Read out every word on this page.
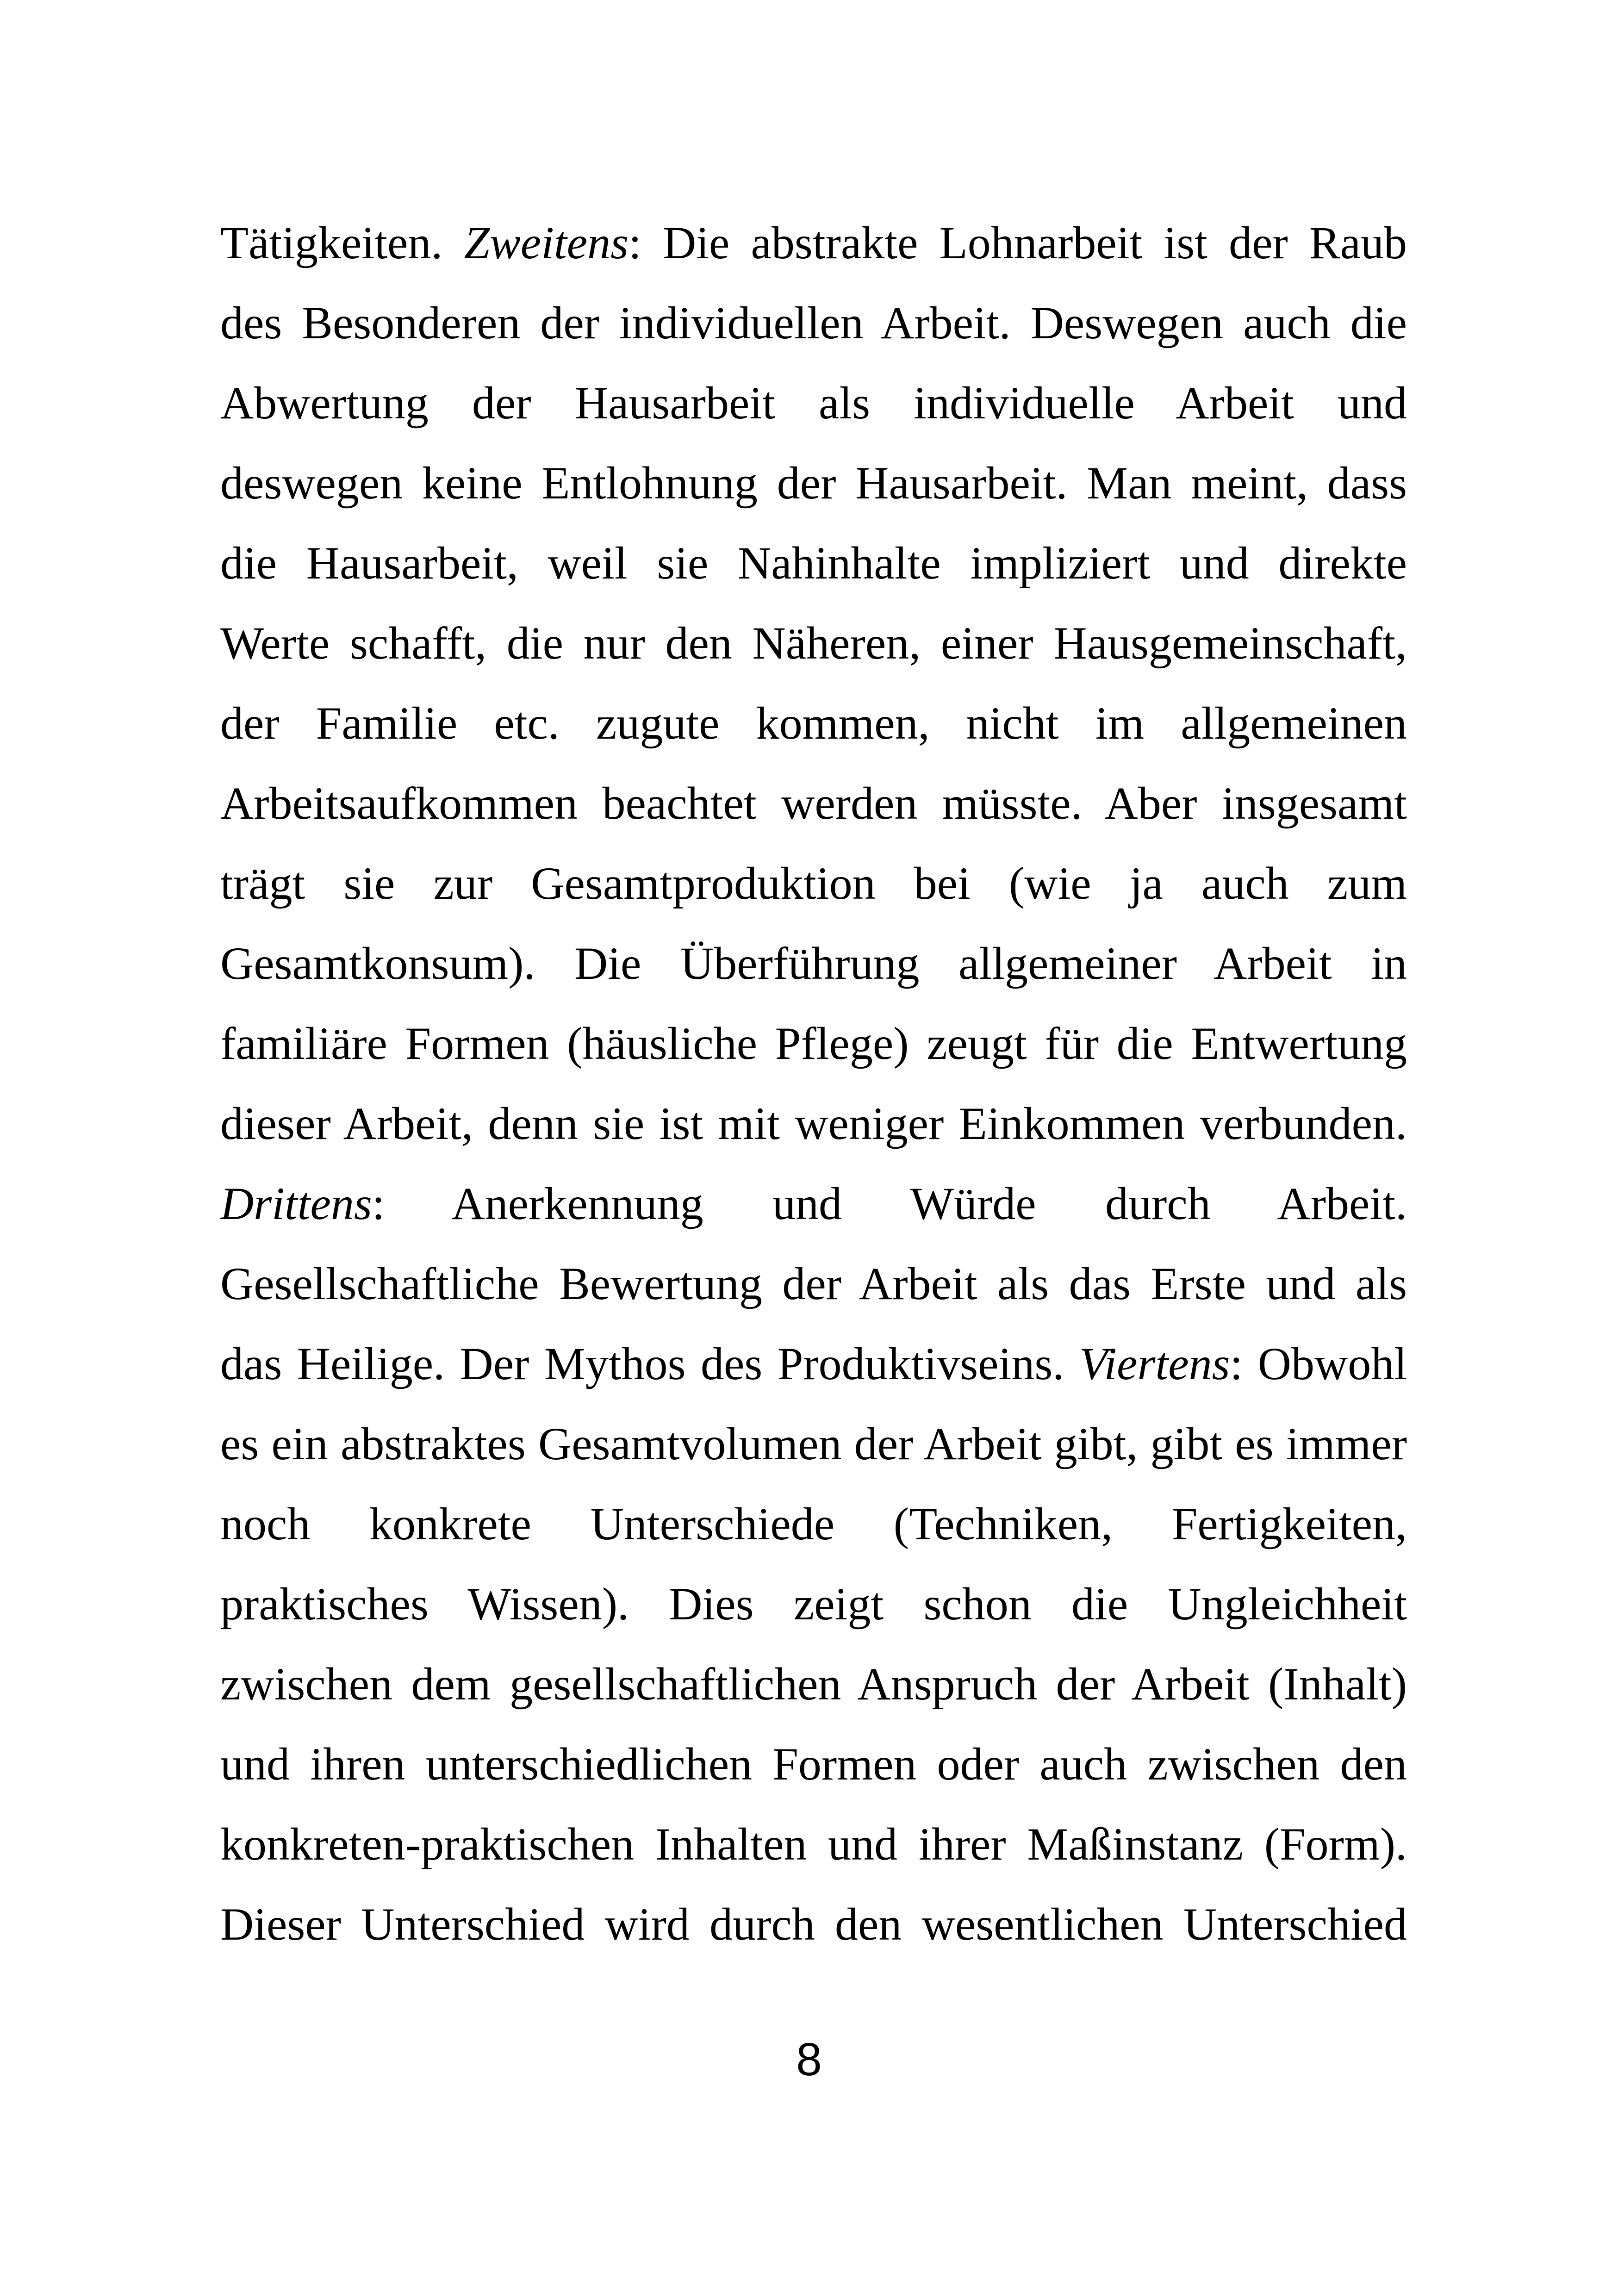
Tätigkeiten. Zweitens: Die abstrakte Lohnarbeit ist der Raub
des Besonderen der individuellen Arbeit. Deswegen auch die
Abwertung der Hausarbeit als individuelle Arbeit und
deswegen keine Entlohnung der Hausarbeit. Man meint, dass
die Hausarbeit, weil sie Nahinhalte impliziert und direkte
Werte schafft, die nur den Näheren, einer Hausgemeinschaft,
der Familie etc. zugute kommen, nicht im allgemeinen
Arbeitsaufkommen beachtet werden müsste. Aber insgesamt
trägt sie zur Gesamtproduktion bei (wie ja auch zum
Gesamtkonsum). Die Überführung allgemeiner Arbeit in
familiäre Formen (häusliche Pflege) zeugt für die Entwertung
dieser Arbeit, denn sie ist mit weniger Einkommen verbunden.
Drittens: Anerkennung und Würde durch Arbeit.
Gesellschaftliche Bewertung der Arbeit als das Erste und als
das Heilige. Der Mythos des Produktivseins. Viertens: Obwohl
es ein abstraktes Gesamtvolumen der Arbeit gibt, gibt es immer
noch konkrete Unterschiede (Techniken, Fertigkeiten,
praktisches Wissen). Dies zeigt schon die Ungleichheit
zwischen dem gesellschaftlichen Anspruch der Arbeit (Inhalt)
und ihren unterschiedlichen Formen oder auch zwischen den
konkreten-praktischen Inhalten und ihrer Maßinstanz (Form).
Dieser Unterschied wird durch den wesentlichen Unterschied
8
